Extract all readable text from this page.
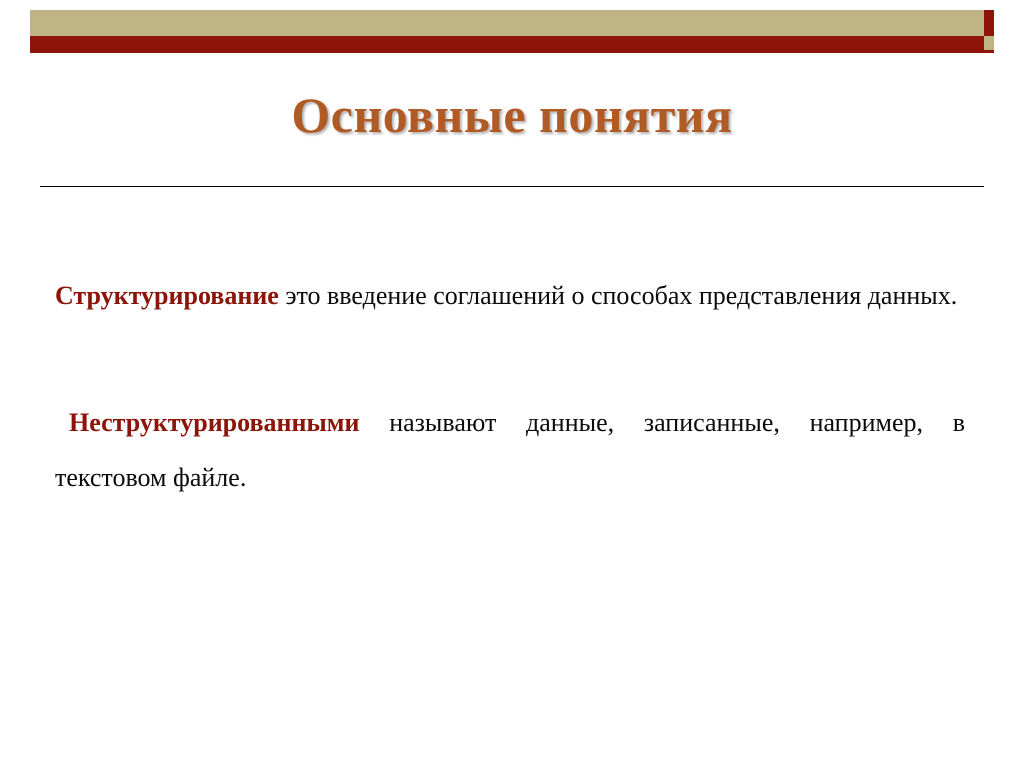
Основные понятия

Структурирование это введение соглашений о способах представления данных.

Неструктурированными называют данные, записанные, например, в текстовом файле.
